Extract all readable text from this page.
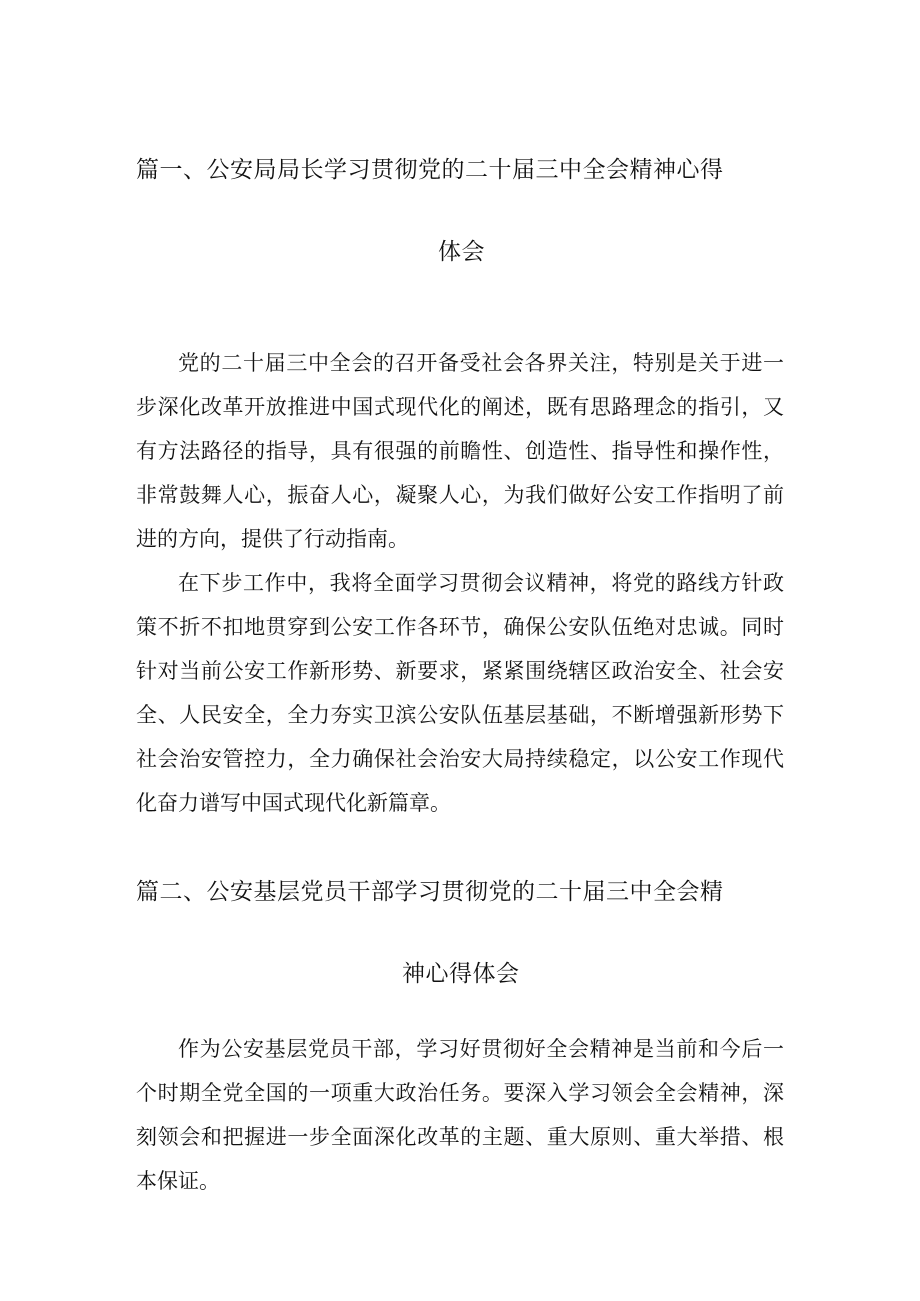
篇一、公安局局长学习贯彻党的二十届三中全会精神心得
体会

党的二十届三中全会的召开备受社会各界关注，特别是关于进一步深化改革开放推进中国式现代化的阐述，既有思路理念的指引，又有方法路径的指导，具有很强的前瞻性、创造性、指导性和操作性，非常鼓舞人心，振奋人心，凝聚人心，为我们做好公安工作指明了前进的方向，提供了行动指南。

在下步工作中，我将全面学习贯彻会议精神，将党的路线方针政策不折不扣地贯穿到公安工作各环节，确保公安队伍绝对忠诚。同时针对当前公安工作新形势、新要求，紧紧围绕辖区政治安全、社会安全、人民安全，全力夯实卫滨公安队伍基层基础，不断增强新形势下社会治安管控力，全力确保社会治安大局持续稳定，以公安工作现代化奋力谱写中国式现代化新篇章。

篇二、公安基层党员干部学习贯彻党的二十届三中全会精
神心得体会

作为公安基层党员干部，学习好贯彻好全会精神是当前和今后一个时期全党全国的一项重大政治任务。要深入学习领会全会精神，深刻领会和把握进一步全面深化改革的主题、重大原则、重大举措、根本保证。
